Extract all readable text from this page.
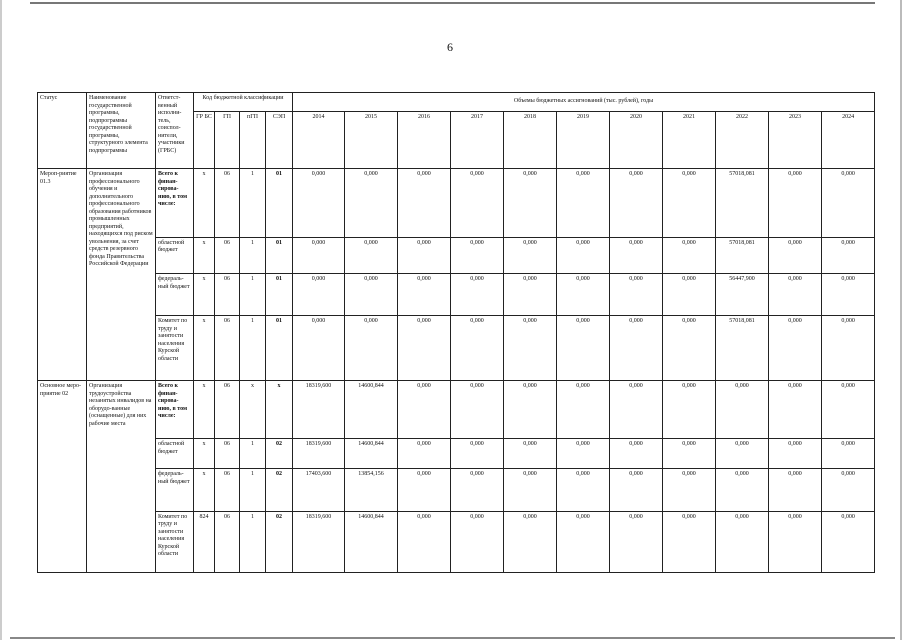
6
Статус	Наименование государственной программы, подпрограммы государственной программы, структурного элемента подпрограммы	Ответст-венный исполни-тель, соиспол-нители, участники (ГРБС)	Код бюджетной классификации				Объемы бюджетных ассигнований (тыс. рублей), годы										
			ГР БС	ГП	пГП	СЭП	2014	2015	2016	2017	2018	2019	2020	2021	2022	2023	2024
Мероп-риятие 01.3	Организация профессионального обучения и дополнительного профессионального образования работников промышленных предприятий, находящихся под риском увольнения, за счет средств резервного фонда Правительства Российской Федерации	Всего к финан-сирова-нию, в том числе:	х	06	1	01	0,000	0,000	0,000	0,000	0,000	0,000	0,000	0,000	57018,081	0,000	0,000
		областной бюджет	х	06	1	01	0,000	0,000	0,000	0,000	0,000	0,000	0,000	0,000	57018,081	0,000	0,000
		федераль-ный бюджет	х	06	1	01	0,000	0,000	0,000	0,000	0,000	0,000	0,000	0,000	56447,900	0,000	0,000
		Комитет по труду и занятости населения Курской области	х	06	1	01	0,000	0,000	0,000	0,000	0,000	0,000	0,000	0,000	57018,081	0,000	0,000
Основное меро-приятие 02	Организация трудоустройства незанятых инвалидов на оборудо-ванные (оснащенные) для них рабочие места	Всего к финан-сирова-нию, в том числе:	х	06	х	х	18319,600	14600,844	0,000	0,000	0,000	0,000	0,000	0,000	0,000	0,000	0,000
		областной бюджет	х	06	1	02	18319,600	14600,844	0,000	0,000	0,000	0,000	0,000	0,000	0,000	0,000	0,000
		федераль-ный бюджет	х	06	1	02	17403,600	13854,156	0,000	0,000	0,000	0,000	0,000	0,000	0,000	0,000	0,000
		Комитет по труду и занятости населения Курской области	824	06	1	02	18319,600	14600,844	0,000	0,000	0,000	0,000	0,000	0,000	0,000	0,000	0,000
